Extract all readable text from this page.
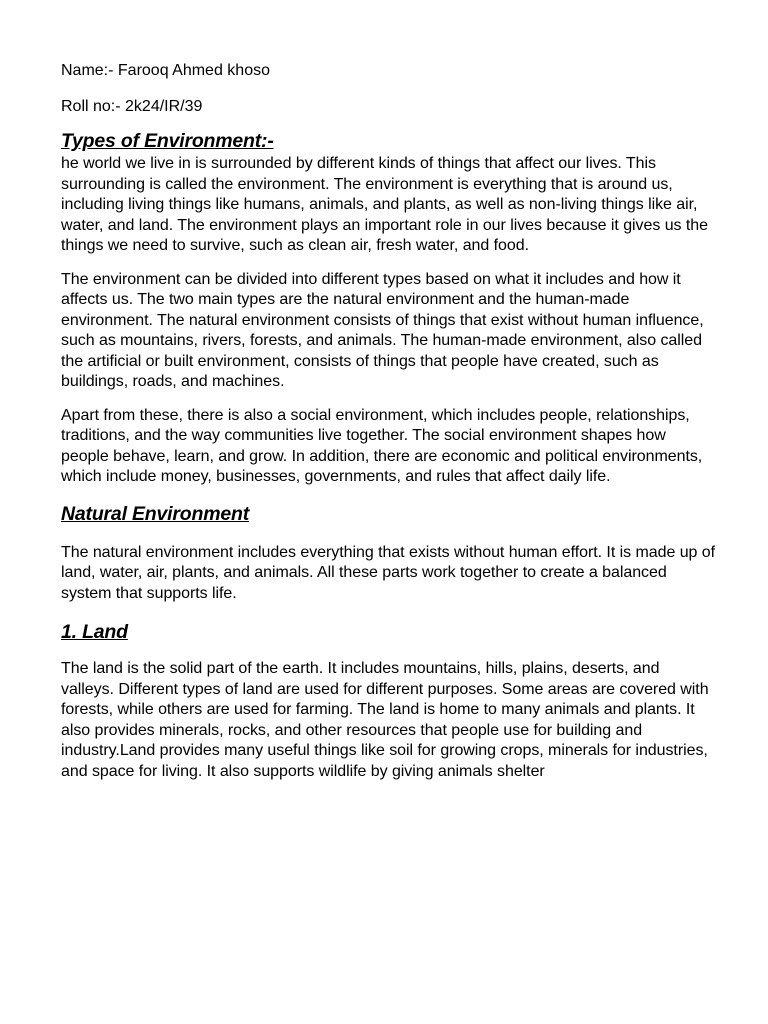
Name:- Farooq Ahmed khoso

Roll no:- 2k24/IR/39

Types of Environment:-

he world we live in is surrounded by different kinds of things that affect our lives. This surrounding is called the environment. The environment is everything that is around us, including living things like humans, animals, and plants, as well as non-living things like air, water, and land. The environment plays an important role in our lives because it gives us the things we need to survive, such as clean air, fresh water, and food.

The environment can be divided into different types based on what it includes and how it affects us. The two main types are the natural environment and the human-made environment. The natural environment consists of things that exist without human influence, such as mountains, rivers, forests, and animals. The human-made environment, also called the artificial or built environment, consists of things that people have created, such as buildings, roads, and machines.

Apart from these, there is also a social environment, which includes people, relationships, traditions, and the way communities live together. The social environment shapes how people behave, learn, and grow. In addition, there are economic and political environments, which include money, businesses, governments, and rules that affect daily life.

Natural Environment

The natural environment includes everything that exists without human effort. It is made up of land, water, air, plants, and animals. All these parts work together to create a balanced system that supports life.

1. Land

The land is the solid part of the earth. It includes mountains, hills, plains, deserts, and valleys. Different types of land are used for different purposes. Some areas are covered with forests, while others are used for farming. The land is home to many animals and plants. It also provides minerals, rocks, and other resources that people use for building and industry.Land provides many useful things like soil for growing crops, minerals for industries, and space for living. It also supports wildlife by giving animals shelter
